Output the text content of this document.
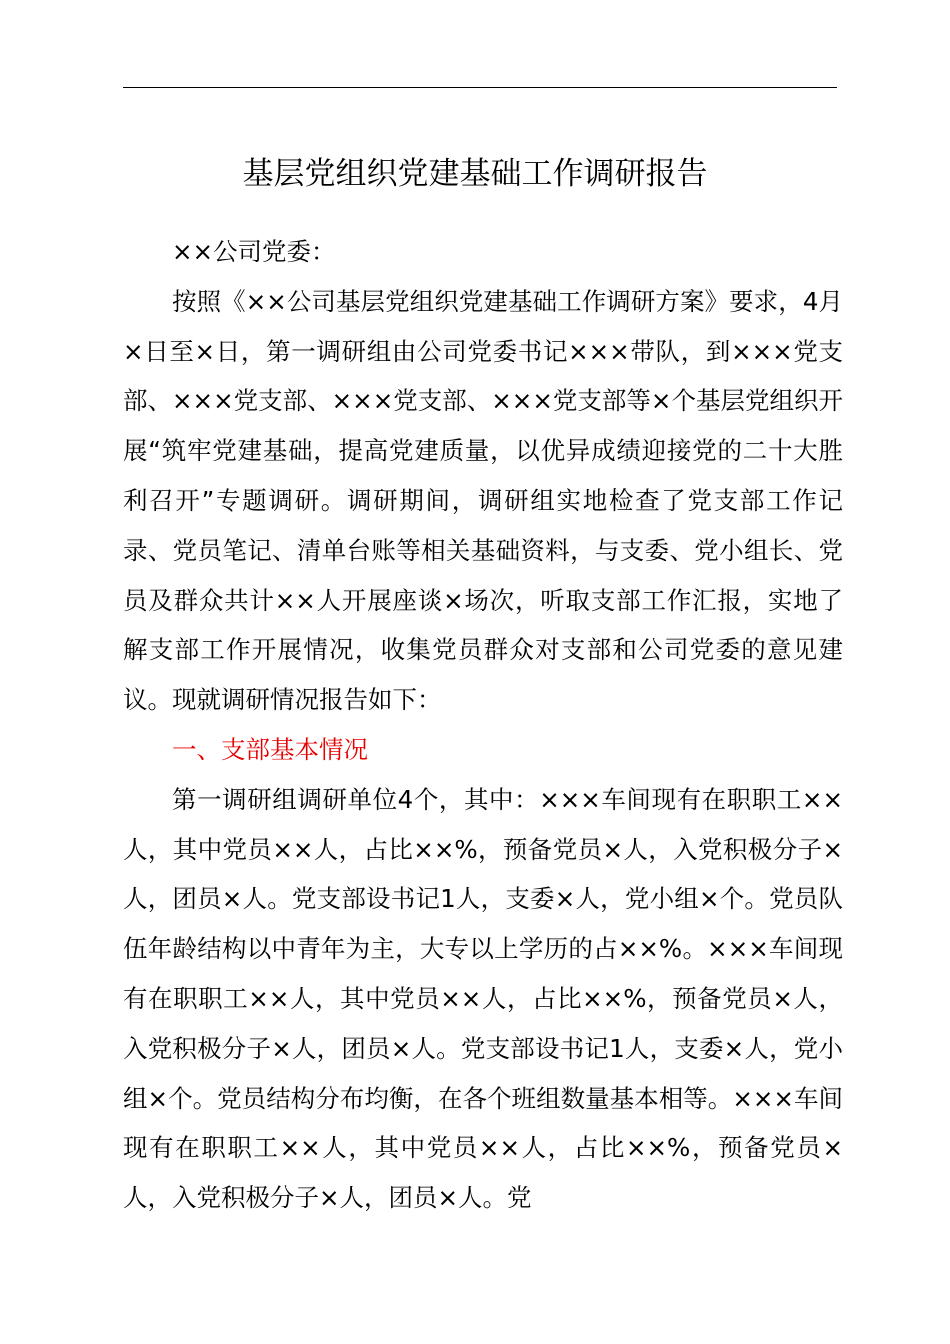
基层党组织党建基础工作调研报告

××公司党委：

按照《××公司基层党组织党建基础工作调研方案》要求，4月×日至×日，第一调研组由公司党委书记×××带队，到×××党支部、×××党支部、×××党支部、×××党支部等×个基层党组织开展“筑牢党建基础，提高党建质量，以优异成绩迎接党的二十大胜利召开”专题调研。调研期间，调研组实地检查了党支部工作记录、党员笔记、清单台账等相关基础资料，与支委、党小组长、党员及群众共计××人开展座谈×场次，听取支部工作汇报，实地了解支部工作开展情况，收集党员群众对支部和公司党委的意见建议。现就调研情况报告如下：

一、支部基本情况

第一调研组调研单位4个，其中：×××车间现有在职职工××人，其中党员××人，占比××%，预备党员×人，入党积极分子×人，团员×人。党支部设书记1人，支委×人，党小组×个。党员队伍年龄结构以中青年为主，大专以上学历的占××%。×××车间现有在职职工××人，其中党员××人，占比××%，预备党员×人，入党积极分子×人，团员×人。党支部设书记1人，支委×人，党小组×个。党员结构分布均衡，在各个班组数量基本相等。×××车间现有在职职工××人，其中党员××人，占比××%，预备党员×人，入党积极分子×人，团员×人。党
